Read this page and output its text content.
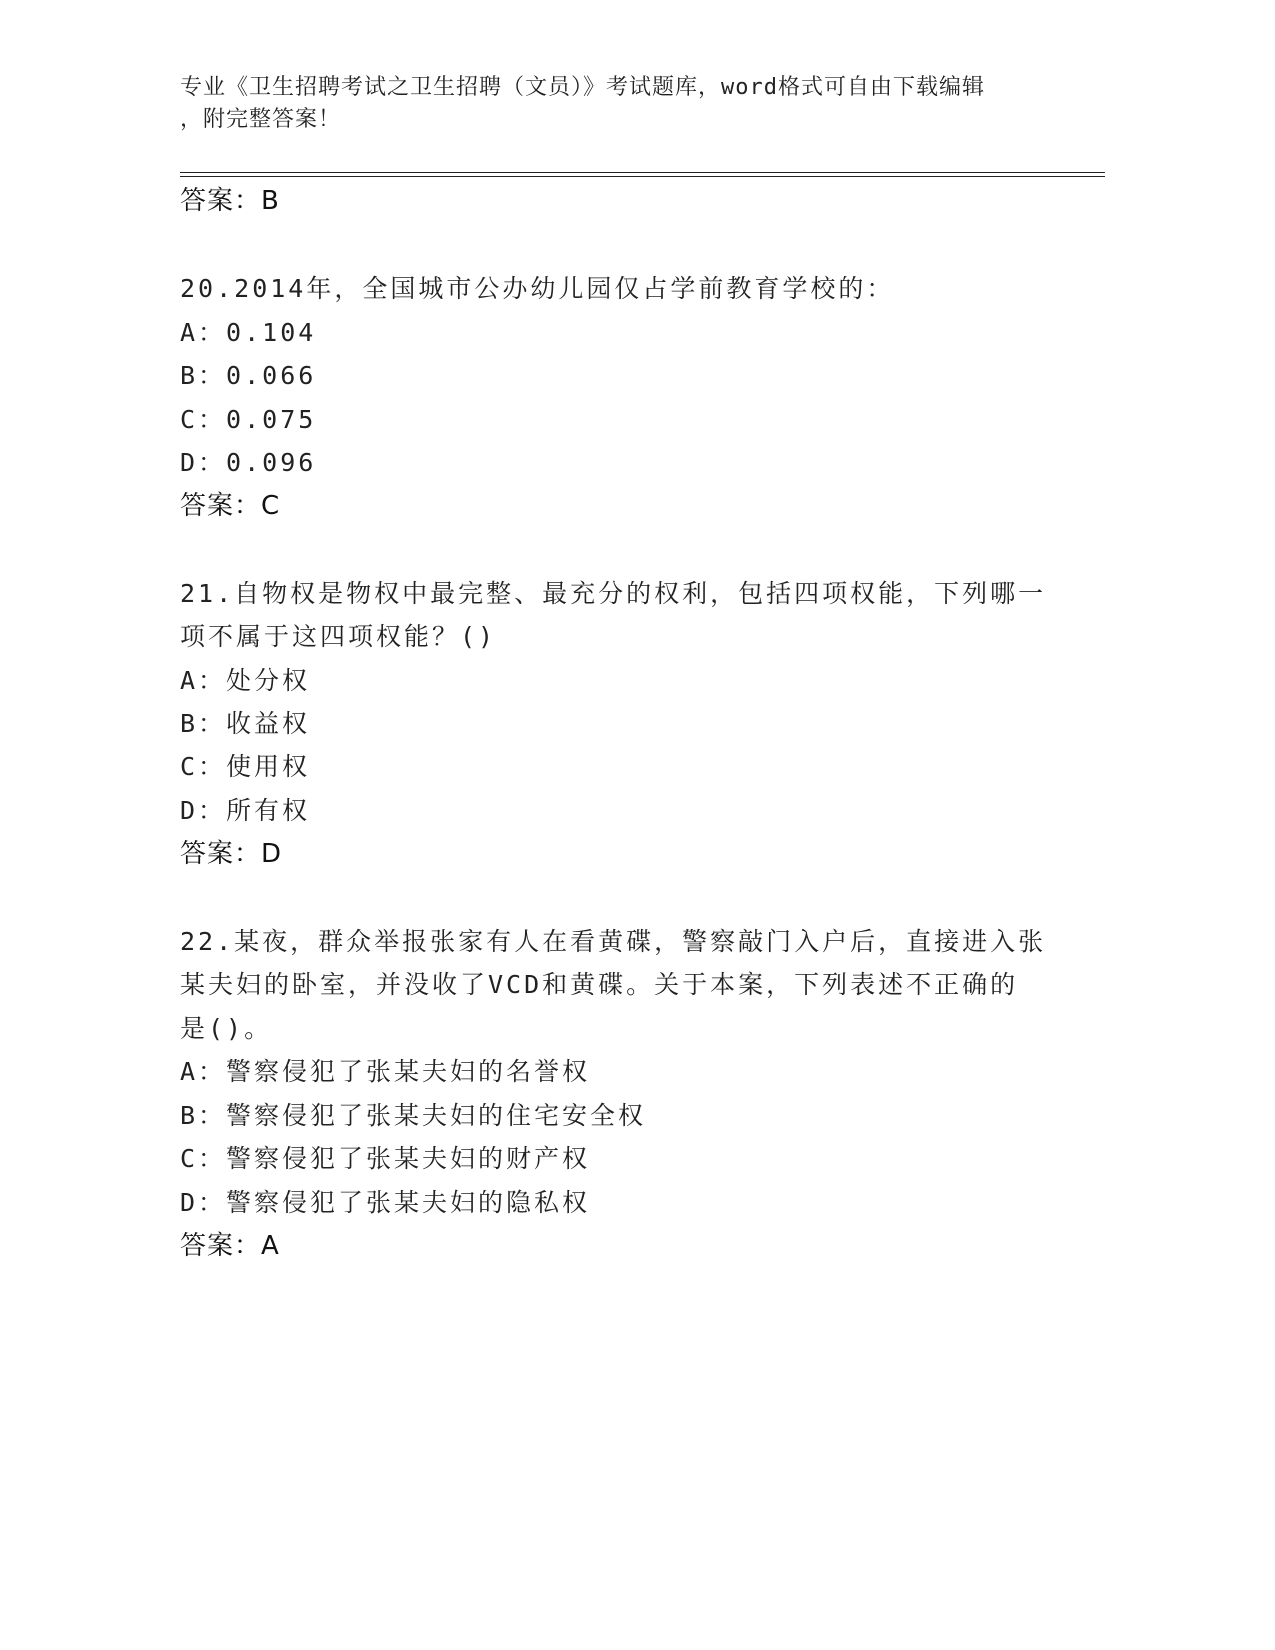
专业《卫生招聘考试之卫生招聘（文员）》考试题库，word格式可自由下载编辑
，附完整答案！
答案：B
20.2014年，全国城市公办幼儿园仅占学前教育学校的：
A：0.104
B：0.066
C：0.075
D：0.096
答案：C
21.自物权是物权中最完整、最充分的权利，包括四项权能，下列哪一
项不属于这四项权能？()
A：处分权
B：收益权
C：使用权
D：所有权
答案：D
22.某夜，群众举报张家有人在看黄碟，警察敲门入户后，直接进入张
某夫妇的卧室，并没收了VCD和黄碟。关于本案，下列表述不正确的
是()。
A：警察侵犯了张某夫妇的名誉权
B：警察侵犯了张某夫妇的住宅安全权
C：警察侵犯了张某夫妇的财产权
D：警察侵犯了张某夫妇的隐私权
答案：A
